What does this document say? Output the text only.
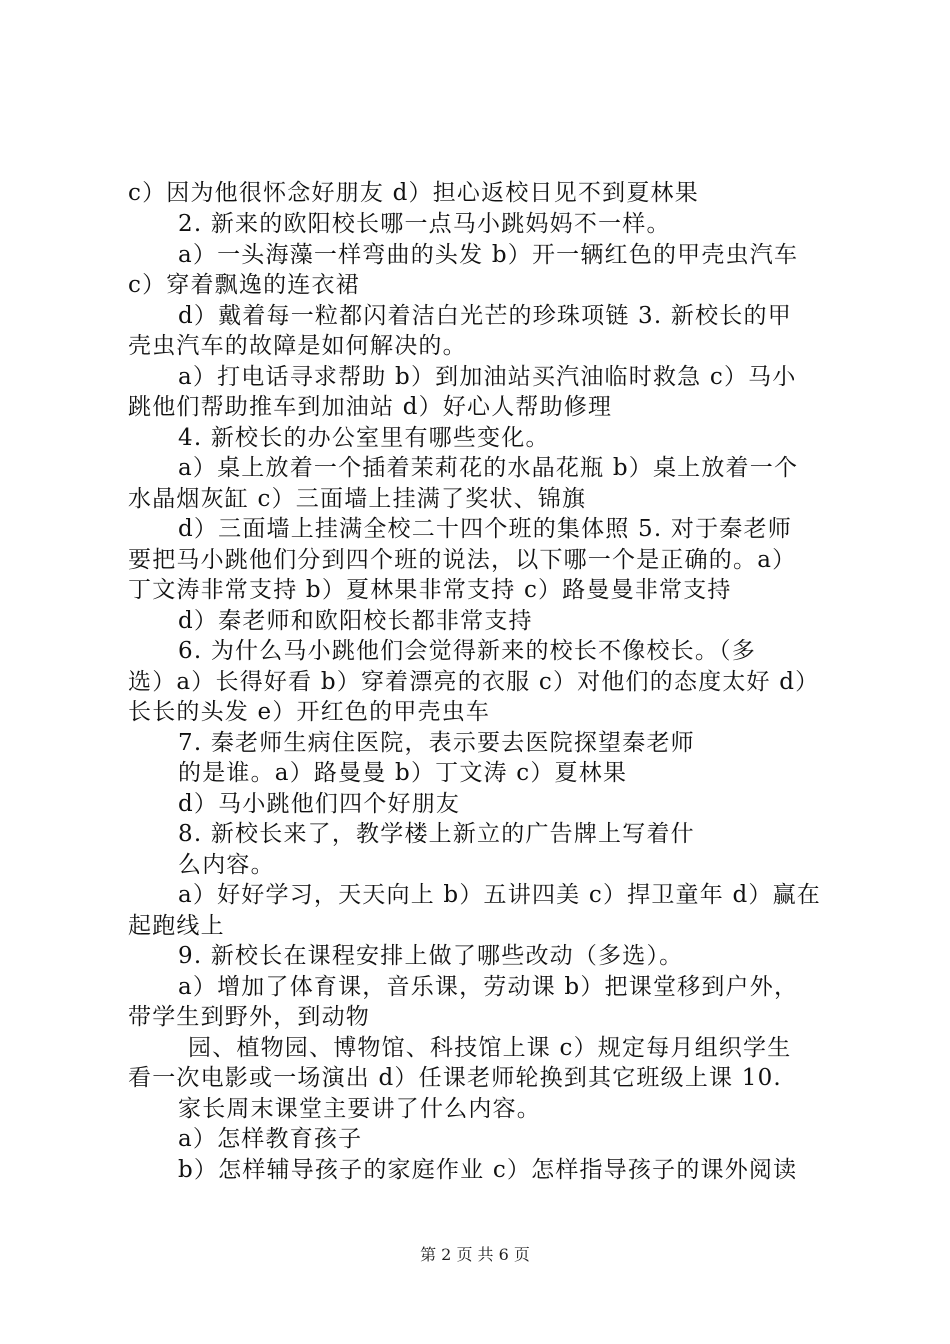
c）因为他很怀念好朋友 d）担心返校日见不到夏林果
2. 新来的欧阳校长哪一点马小跳妈妈不一样。
a）一头海藻一样弯曲的头发 b）开一辆红色的甲壳虫汽车
c）穿着飘逸的连衣裙
d）戴着每一粒都闪着洁白光芒的珍珠项链 3. 新校长的甲
壳虫汽车的故障是如何解决的。
a）打电话寻求帮助 b）到加油站买汽油临时救急 c）马小
跳他们帮助推车到加油站 d）好心人帮助修理
4. 新校长的办公室里有哪些变化。
a）桌上放着一个插着茉莉花的水晶花瓶 b）桌上放着一个
水晶烟灰缸 c）三面墙上挂满了奖状、锦旗
d）三面墙上挂满全校二十四个班的集体照 5. 对于秦老师
要把马小跳他们分到四个班的说法，以下哪一个是正确的。a）
丁文涛非常支持 b）夏林果非常支持 c）路曼曼非常支持
d）秦老师和欧阳校长都非常支持
6. 为什么马小跳他们会觉得新来的校长不像校长。（多
选）a）长得好看 b）穿着漂亮的衣服 c）对他们的态度太好 d）
长长的头发 e）开红色的甲壳虫车
7. 秦老师生病住医院，表示要去医院探望秦老师
的是谁。a）路曼曼 b）丁文涛 c）夏林果
d）马小跳他们四个好朋友
8. 新校长来了，教学楼上新立的广告牌上写着什
么内容。
a）好好学习，天天向上 b）五讲四美 c）捍卫童年 d）赢在
起跑线上
9. 新校长在课程安排上做了哪些改动（多选）。
a）增加了体育课，音乐课，劳动课 b）把课堂移到户外，
带学生到野外，到动物
园、植物园、博物馆、科技馆上课 c）规定每月组织学生
看一次电影或一场演出 d）任课老师轮换到其它班级上课 10.
家长周末课堂主要讲了什么内容。
a）怎样教育孩子
b）怎样辅导孩子的家庭作业 c）怎样指导孩子的课外阅读
第 2 页 共 6 页
